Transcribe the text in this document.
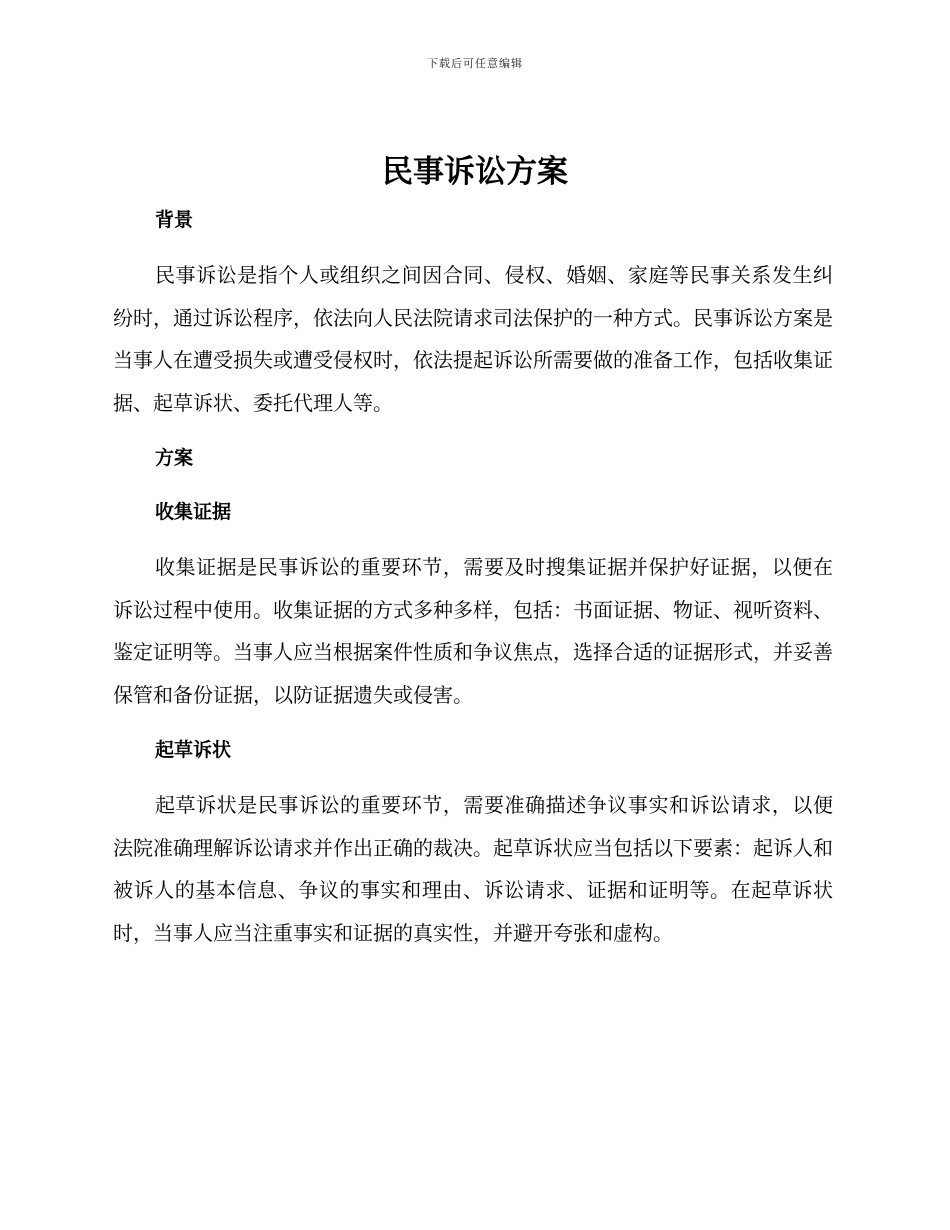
下载后可任意编辑
民事诉讼方案
背景

民事诉讼是指个人或组织之间因合同、侵权、婚姻、家庭等民事关系发生纠纷时，通过诉讼程序，依法向人民法院请求司法保护的一种方式。民事诉讼方案是当事人在遭受损失或遭受侵权时，依法提起诉讼所需要做的准备工作，包括收集证据、起草诉状、委托代理人等。

方案
收集证据

收集证据是民事诉讼的重要环节，需要及时搜集证据并保护好证据，以便在诉讼过程中使用。收集证据的方式多种多样，包括：书面证据、物证、视听资料、鉴定证明等。当事人应当根据案件性质和争议焦点，选择合适的证据形式，并妥善保管和备份证据，以防证据遗失或侵害。

起草诉状

起草诉状是民事诉讼的重要环节，需要准确描述争议事实和诉讼请求，以便法院准确理解诉讼请求并作出正确的裁决。起草诉状应当包括以下要素：起诉人和被诉人的基本信息、争议的事实和理由、诉讼请求、证据和证明等。在起草诉状时，当事人应当注重事实和证据的真实性，并避开夸张和虚构。
